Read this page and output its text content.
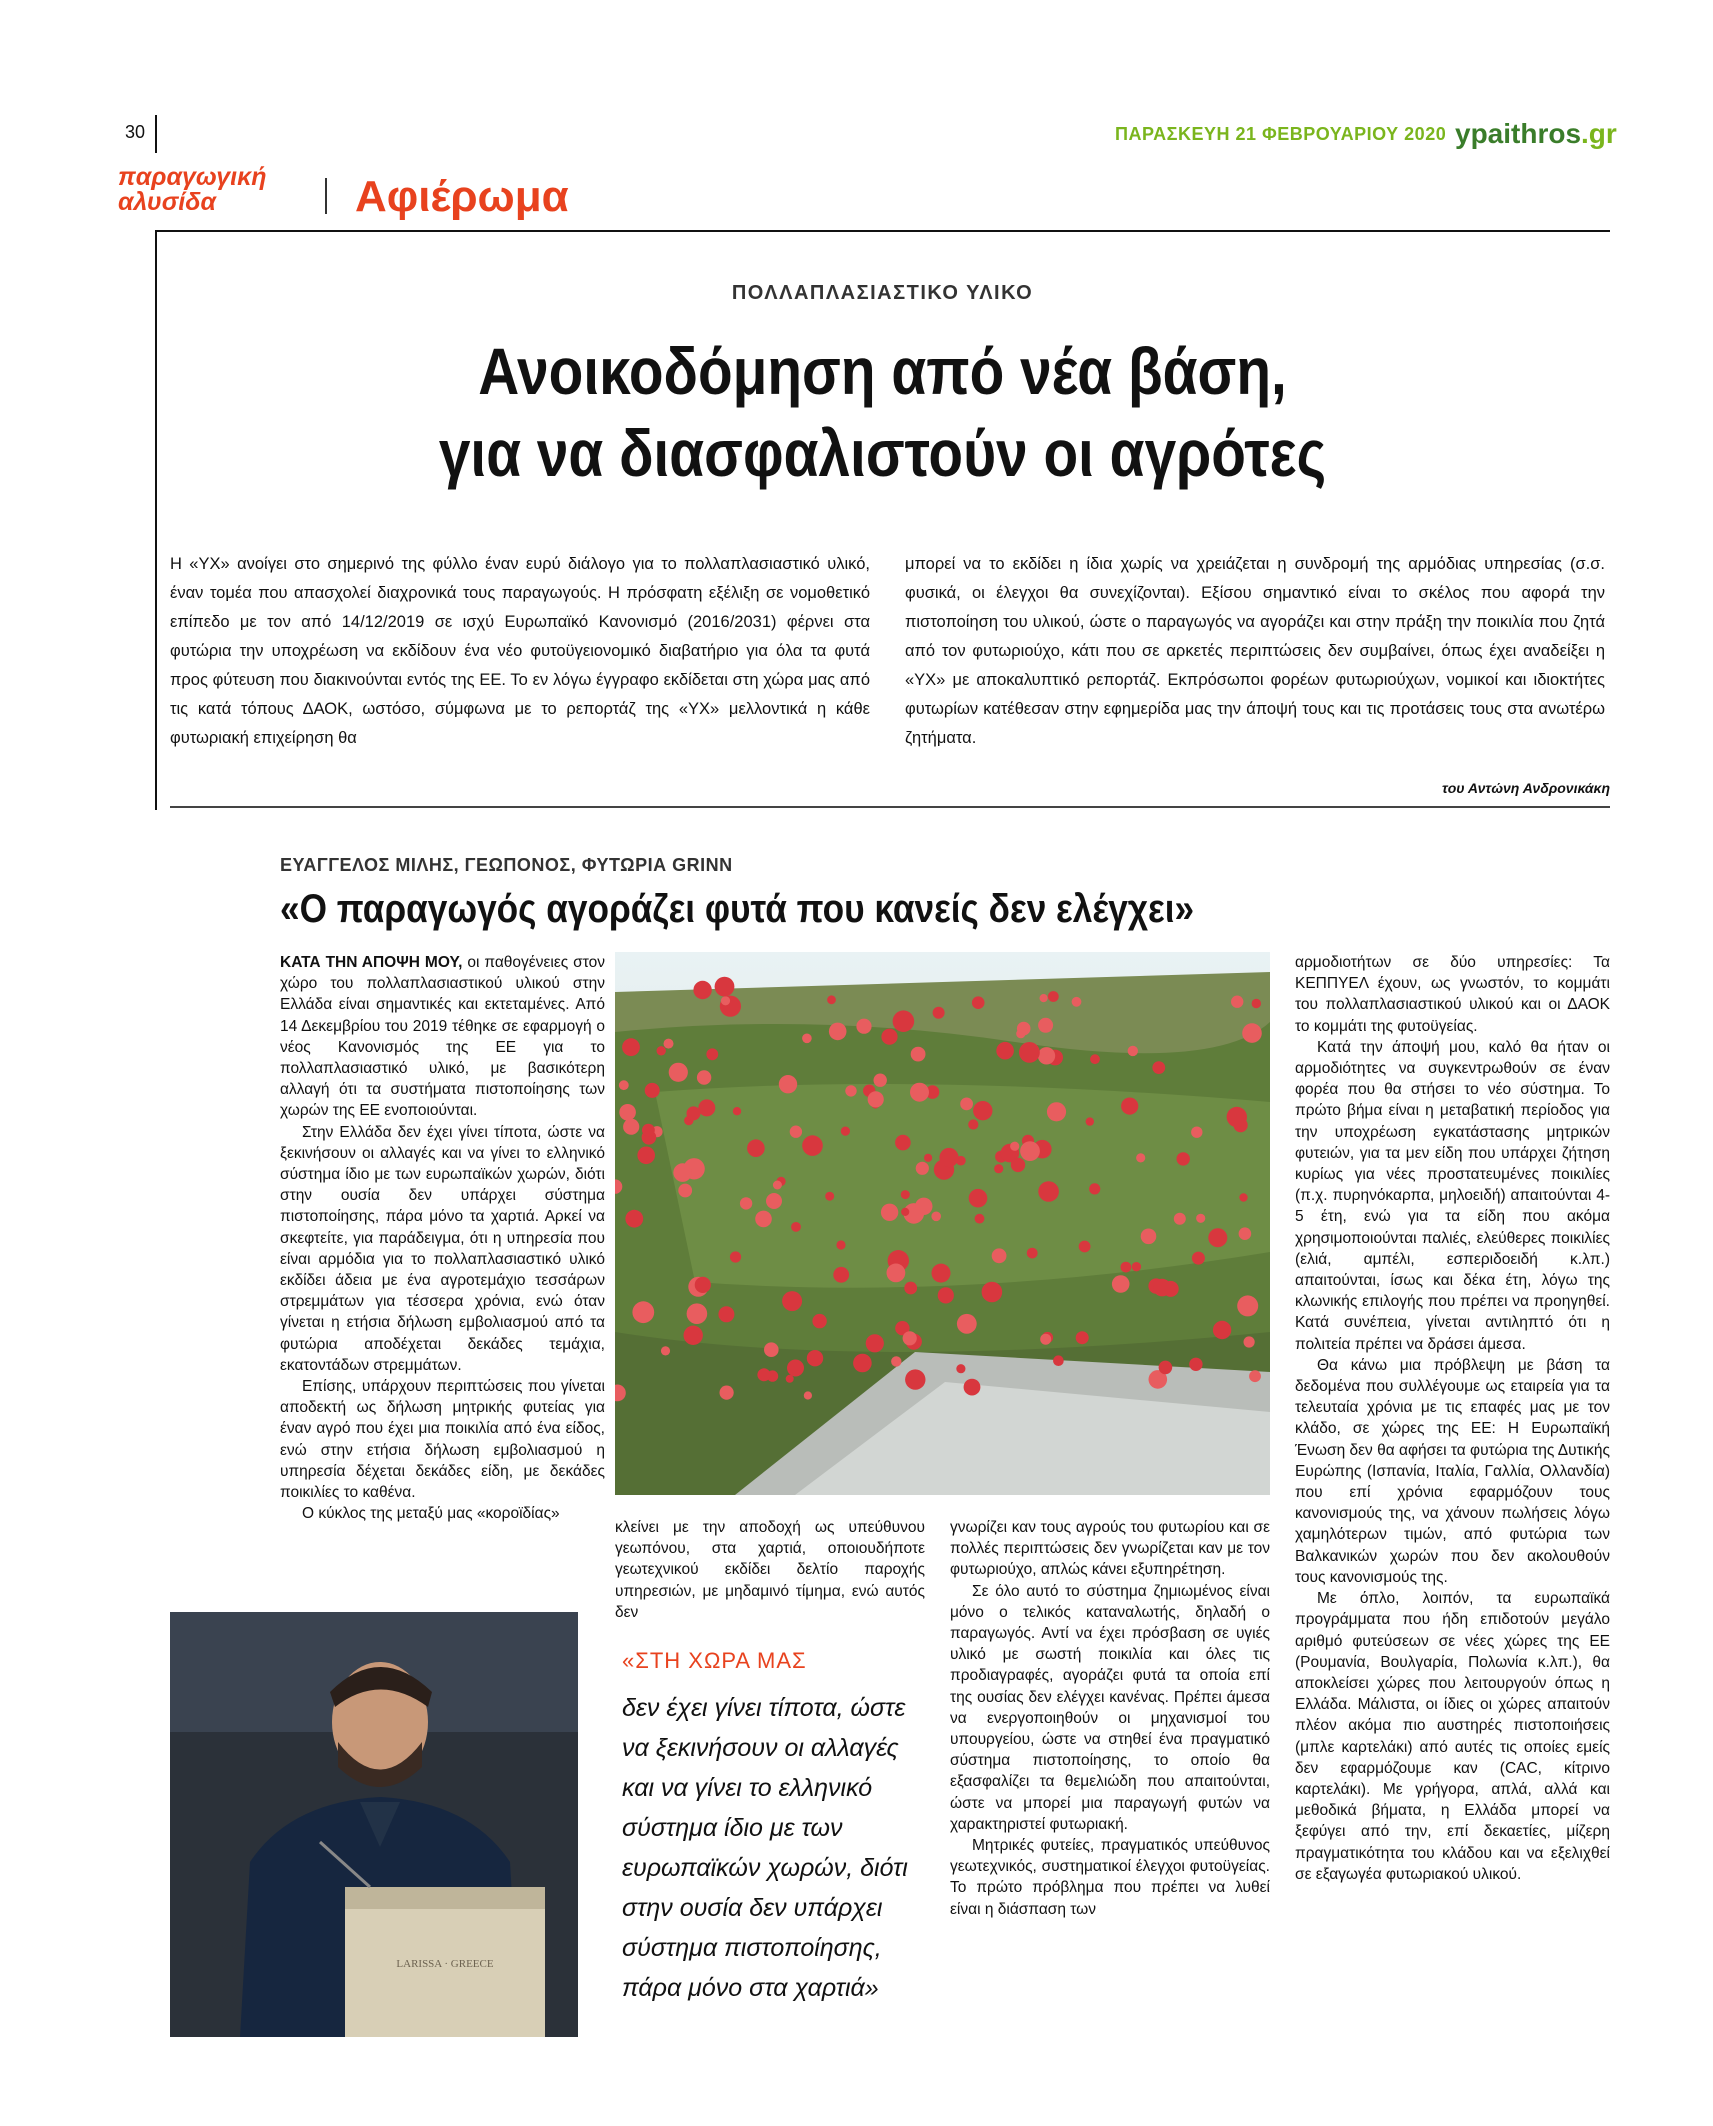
30	ΠΑΡΑΣΚΕΥΗ 21 ΦΕΒΡΟΥΑΡΙΟΥ 2020 ypaithros.gr
παραγωγική
αλυσίδα	Αφιέρωμα
ΠΟΛΛΑΠΛΑΣΙΑΣΤΙΚΟ ΥΛΙΚΟ
Ανοικοδόμηση από νέα βάση,
για να διασφαλιστούν οι αγρότες

Η «ΥΧ» ανοίγει στο σημερινό της φύλλο έναν ευρύ διάλογο για το πολλαπλασιαστικό υλικό, έναν τομέα που απασχολεί διαχρονικά τους παραγωγούς. Η πρόσφατη εξέλιξη σε νομοθετικό επίπεδο με τον από 14/12/2019 σε ισχύ Ευρωπαϊκό Κανονισμό (2016/2031) φέρνει στα φυτώρια την υποχρέωση να εκδίδουν ένα νέο φυτοϋγειονομικό διαβατήριο για όλα τα φυτά προς φύτευση που διακινούνται εντός της ΕΕ. Το εν λόγω έγγραφο εκδίδεται στη χώρα μας από τις κατά τόπους ΔΑΟΚ, ωστόσο, σύμφωνα με το ρεπορτάζ της «ΥΧ» μελλοντικά η κάθε φυτωριακή επιχείρηση θα

μπορεί να το εκδίδει η ίδια χωρίς να χρειάζεται η συνδρομή της αρμόδιας υπηρεσίας (σ.σ. φυσικά, οι έλεγχοι θα συνεχίζονται). Εξίσου σημαντικό είναι το σκέλος που αφορά την πιστοποίηση του υλικού, ώστε ο παραγωγός να αγοράζει και στην πράξη την ποικιλία που ζητά από τον φυτωριούχο, κάτι που σε αρκετές περιπτώσεις δεν συμβαίνει, όπως έχει αναδείξει η «ΥΧ» με αποκαλυπτικό ρεπορτάζ. Εκπρόσωποι φορέων φυτωριούχων, νομικοί και ιδιοκτήτες φυτωρίων κατέθεσαν στην εφημερίδα μας την άποψή τους και τις προτάσεις τους στα ανωτέρω ζητήματα.

του Αντώνη Ανδρονικάκη
ΕΥΑΓΓΕΛΟΣ ΜΙΛΗΣ, ΓΕΩΠΟΝΟΣ, ΦΥΤΩΡΙΑ GRINN
«Ο παραγωγός αγοράζει φυτά που κανείς δεν ελέγχει»

ΚΑΤΑ ΤΗΝ ΑΠΟΨΗ ΜΟΥ, οι παθογένειες στον χώρο του πολλαπλασιαστικού υλικού στην Ελλάδα είναι σημαντικές και εκτεταμένες. Από 14 Δεκεμβρίου του 2019 τέθηκε σε εφαρμογή ο νέος Κανονισμός της ΕΕ για το πολλαπλασιαστικό υλικό, με βασικότερη αλλαγή ότι τα συστήματα πιστοποίησης των χωρών της ΕΕ ενοποιούνται.

Στην Ελλάδα δεν έχει γίνει τίποτα, ώστε να ξεκινήσουν οι αλλαγές και να γίνει το ελληνικό σύστημα ίδιο με των ευρωπαϊκών χωρών, διότι στην ουσία δεν υπάρχει σύστημα πιστοποίησης, πάρα μόνο τα χαρτιά. Αρκεί να σκεφτείτε, για παράδειγμα, ότι η υπηρεσία που είναι αρμόδια για το πολλαπλασιαστικό υλικό εκδίδει άδεια με ένα αγροτεμάχιο τεσσάρων στρεμμάτων για τέσσερα χρόνια, ενώ όταν γίνεται η ετήσια δήλωση εμβολιασμού από τα φυτώρια αποδέχεται δεκάδες τεμάχια, εκατοντάδων στρεμμάτων.

Επίσης, υπάρχουν περιπτώσεις που γίνεται αποδεκτή ως δήλωση μητρικής φυτείας για έναν αγρό που έχει μια ποικιλία από ένα είδος, ενώ στην ετήσια δήλωση εμβολιασμού η υπηρεσία δέχεται δεκάδες είδη, με δεκάδες ποικιλίες το καθένα.

Ο κύκλος της μεταξύ μας «κοροϊδίας»

κλείνει με την αποδοχή ως υπεύθυνου γεωπόνου, στα χαρτιά, οποιουδήποτε γεωτεχνικού εκδίδει δελτίο παροχής υπηρεσιών, με μηδαμινό τίμημα, ενώ αυτός δεν

«ΣΤΗ ΧΩΡΑ ΜΑΣ
δεν έχει γίνει τίποτα, ώστε να ξεκινήσουν οι αλλαγές και να γίνει το ελληνικό σύστημα ίδιο με των ευρωπαϊκών χωρών, διότι στην ουσία δεν υπάρχει σύστημα πιστοποίησης, πάρα μόνο στα χαρτιά»

γνωρίζει καν τους αγρούς του φυτωρίου και σε πολλές περιπτώσεις δεν γνωρίζεται καν με τον φυτωριούχο, απλώς κάνει εξυπηρέτηση.

Σε όλο αυτό το σύστημα ζημιωμένος είναι μόνο ο τελικός καταναλωτής, δηλαδή ο παραγωγός. Αντί να έχει πρόσβαση σε υγιές υλικό με σωστή ποικιλία και όλες τις προδιαγραφές, αγοράζει φυτά τα οποία επί της ουσίας δεν ελέγχει κανένας. Πρέπει άμεσα να ενεργοποιηθούν οι μηχανισμοί του υπουργείου, ώστε να στηθεί ένα πραγματικό σύστημα πιστοποίησης, το οποίο θα εξασφαλίζει τα θεμελιώδη που απαιτούνται, ώστε να μπορεί μια παραγωγή φυτών να χαρακτηριστεί φυτωριακή.

Μητρικές φυτείες, πραγματικός υπεύθυνος γεωτεχνικός, συστηματικοί έλεγχοι φυτοϋγείας. Το πρώτο πρόβλημα που πρέπει να λυθεί είναι η διάσπαση των

αρμοδιοτήτων σε δύο υπηρεσίες: Τα ΚΕΠΠΥΕΛ έχουν, ως γνωστόν, το κομμάτι του πολλαπλασιαστικού υλικού και οι ΔΑΟΚ το κομμάτι της φυτοϋγείας.

Κατά την άποψή μου, καλό θα ήταν οι αρμοδιότητες να συγκεντρωθούν σε έναν φορέα που θα στήσει το νέο σύστημα. Το πρώτο βήμα είναι η μεταβατική περίοδος για την υποχρέωση εγκατάστασης μητρικών φυτειών, για τα μεν είδη που υπάρχει ζήτηση κυρίως για νέες προστατευμένες ποικιλίες (π.χ. πυρηνόκαρπα, μηλοειδή) απαιτούνται 4-5 έτη, ενώ για τα είδη που ακόμα χρησιμοποιούνται παλιές, ελεύθερες ποικιλίες (ελιά, αμπέλι, εσπεριδοειδή κ.λπ.) απαιτούνται, ίσως και δέκα έτη, λόγω της κλωνικής επιλογής που πρέπει να προηγηθεί. Κατά συνέπεια, γίνεται αντιληπτό ότι η πολιτεία πρέπει να δράσει άμεσα.

Θα κάνω μια πρόβλεψη με βάση τα δεδομένα που συλλέγουμε ως εταιρεία για τα τελευταία χρόνια με τις επαφές μας με τον κλάδο, σε χώρες της ΕΕ: Η Ευρωπαϊκή Ένωση δεν θα αφήσει τα φυτώρια της Δυτικής Ευρώπης (Ισπανία, Ιταλία, Γαλλία, Ολλανδία) που επί χρόνια εφαρμόζουν τους κανονισμούς της, να χάνουν πωλήσεις λόγω χαμηλότερων τιμών, από φυτώρια των Βαλκανικών χωρών που δεν ακολουθούν τους κανονισμούς της.

Με όπλο, λοιπόν, τα ευρωπαϊκά προγράμματα που ήδη επιδοτούν μεγάλο αριθμό φυτεύσεων σε νέες χώρες της ΕΕ (Ρουμανία, Βουλγαρία, Πολωνία κ.λπ.), θα αποκλείσει χώρες που λειτουργούν όπως η Ελλάδα. Μάλιστα, οι ίδιες οι χώρες απαιτούν πλέον ακόμα πιο αυστηρές πιστοποιήσεις (μπλε καρτελάκι) από αυτές τις οποίες εμείς δεν εφαρμόζουμε καν (CAC, κίτρινο καρτελάκι). Με γρήγορα, απλά, αλλά και μεθοδικά βήματα, η Ελλάδα μπορεί να ξεφύγει από την, επί δεκαετίες, μίζερη πραγματικότητα του κλάδου και να εξελιχθεί σε εξαγωγέα φυτωριακού υλικού.

LARISSA · GREECE
